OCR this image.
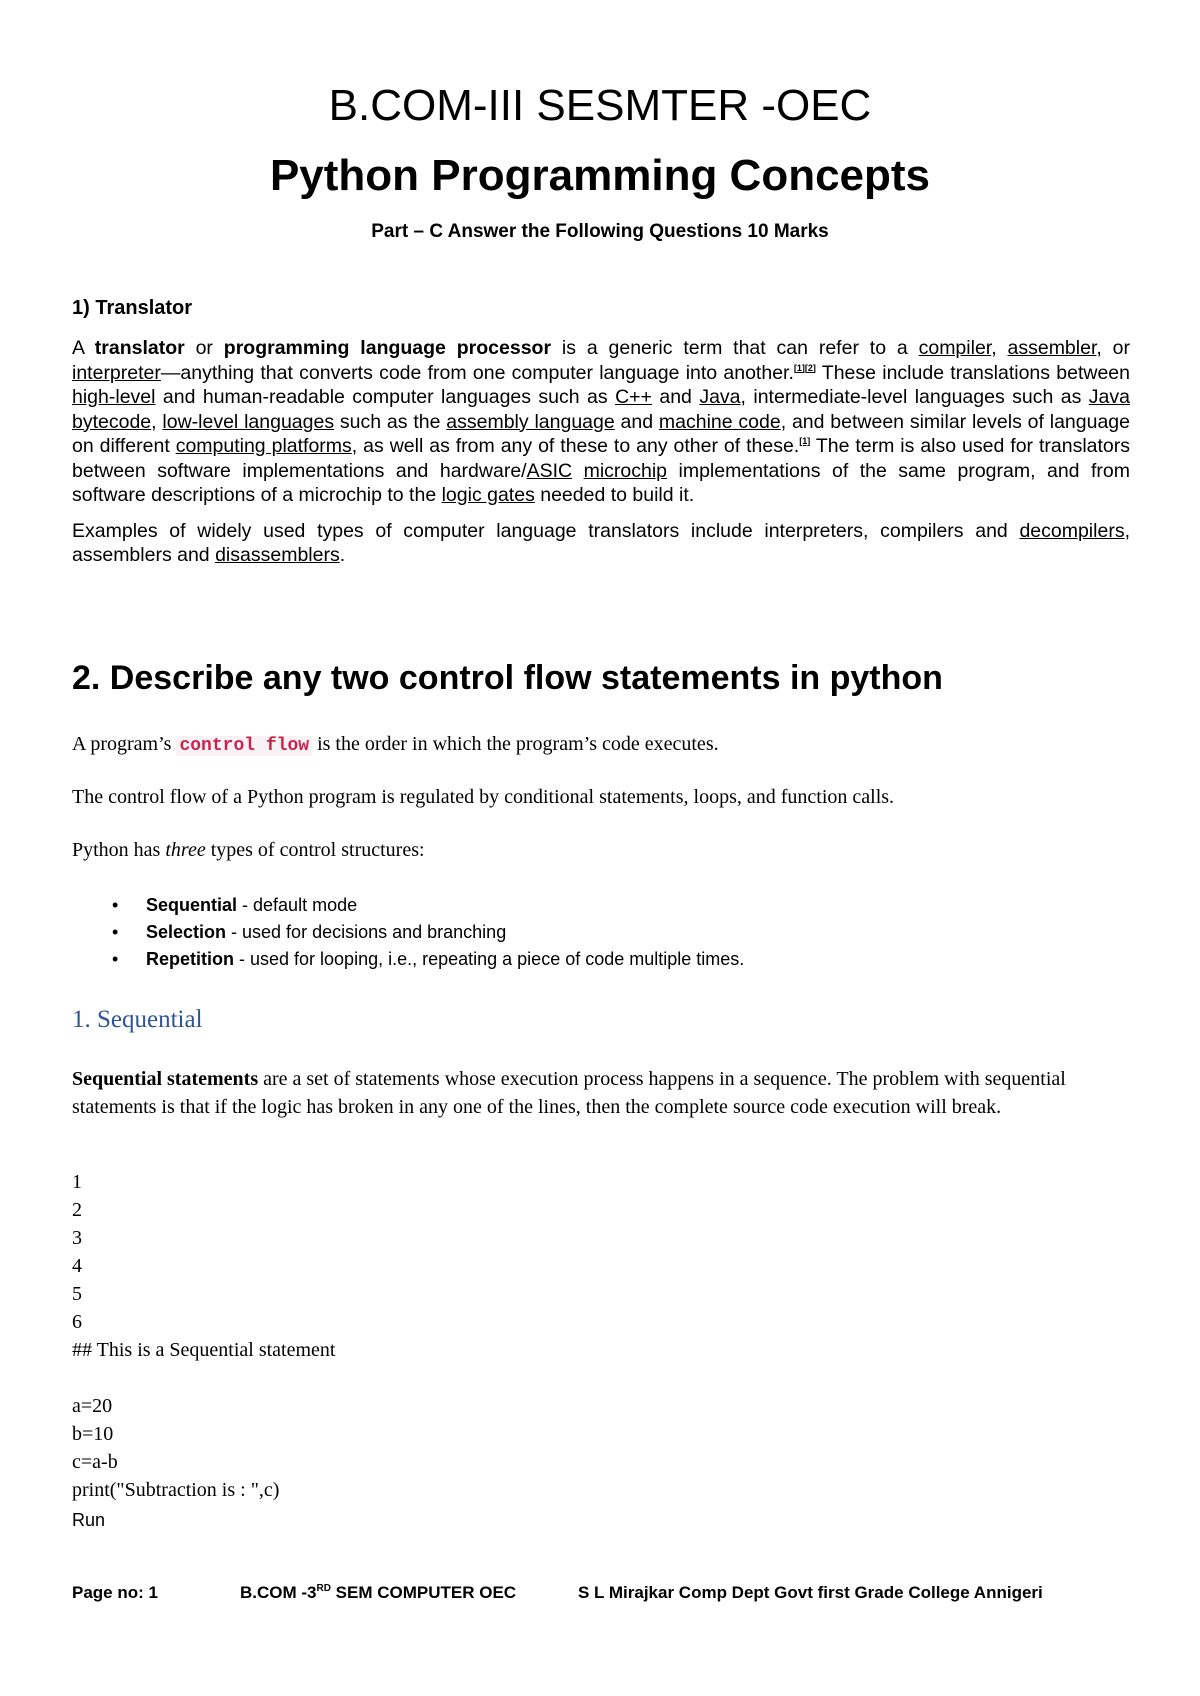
B.COM-III SESMTER -OEC
Python Programming Concepts
Part – C Answer the Following Questions 10 Marks
1) Translator

A translator or programming language processor is a generic term that can refer to a compiler, assembler, or interpreter—anything that converts code from one computer language into another.[1][2] These include translations between high-level and human-readable computer languages such as C++ and Java, intermediate-level languages such as Java bytecode, low-level languages such as the assembly language and machine code, and between similar levels of language on different computing platforms, as well as from any of these to any other of these.[1] The term is also used for translators between software implementations and hardware/ASIC microchip implementations of the same program, and from software descriptions of a microchip to the logic gates needed to build it.

Examples of widely used types of computer language translators include interpreters, compilers and decompilers, assemblers and disassemblers.

2. Describe any two control flow statements in python
A program’s control flow is the order in which the program’s code executes.
The control flow of a Python program is regulated by conditional statements, loops, and function calls.
Python has three types of control structures:
• Sequential - default mode
• Selection - used for decisions and branching
• Repetition - used for looping, i.e., repeating a piece of code multiple times.
1. Sequential
Sequential statements are a set of statements whose execution process happens in a sequence. The problem with sequential statements is that if the logic has broken in any one of the lines, then the complete source code execution will break.
1
2
3
4
5
6
## This is a Sequential statement
a=20
b=10
c=a-b
print("Subtraction is : ",c)
Run
Page no: 1	B.COM -3RD SEM COMPUTER OEC	S L Mirajkar Comp Dept Govt first Grade College Annigeri
